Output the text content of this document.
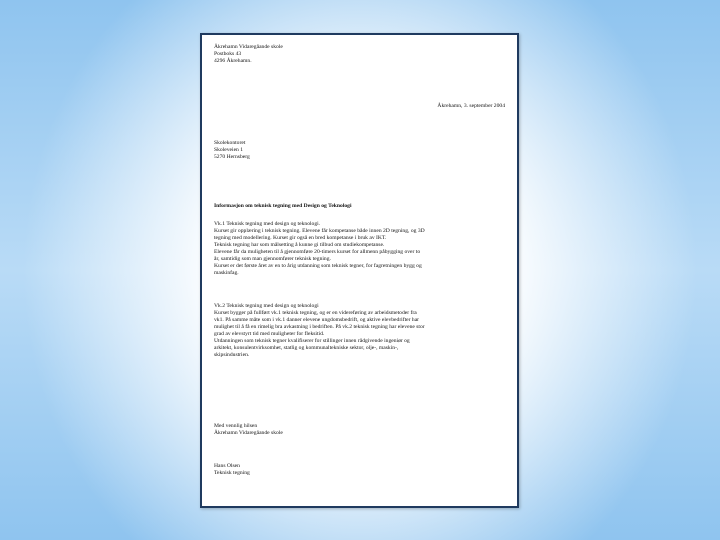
Åkrehamn Vidaregåande skole
Postboks 43
4296 Åkrehamn.
Åkrehamn, 3. september 2004
Skolekontoret
Skoleveien 1
5270 Hernsberg
Informasjon om teknisk tegning med Design og Teknologi
Vk.1 Teknisk tegning med design og teknologi.
Kurset gir opplæring i teknisk tegning. Elevene får kompetanse både innen 2D tegning, og 3D
tegning med modellering. Kurset gir også en bred kompetanse i bruk av IKT.
Teknisk tegning har som målsetting å kunne gi tilbud om studiekompetanse.
Elevene får da muligheten til å gjennomføre 20-timers kurset for allmenn påbygging over to
år, samtidig som man gjennomfører teknisk tegning.
Kurset er det første året av en to årig utdanning som teknisk tegner, for fagretningen bygg og
maskinfag.
Vk.2 Teknisk tegning med design og teknologi
Kurset bygger på fullført vk.1 teknisk tegning, og er en videreføring av arbeidsmetoder fra
vk1. På samme måte som i vk.1 danner elevene ungdomsbedrift, og aktive elevbedrifter har
mulighet til å få en rimelig bra avkastning i bedriften. På vk.2 teknisk tegning har elevene stor
grad av elevstyrt tid med muligheter for fleksitid.
Utdanningen som teknisk tegner kvalifiserer for stillinger innen rådgivende ingeniør og
arkitekt, konsulentvirksomhet, statlig og kommunaltekniske sektor, olje-, maskin-,
skipsindustrien.
Med vennlig hilsen
Åkrehamn Vidaregåande skole
Hans Olsen
Teknisk tegning
